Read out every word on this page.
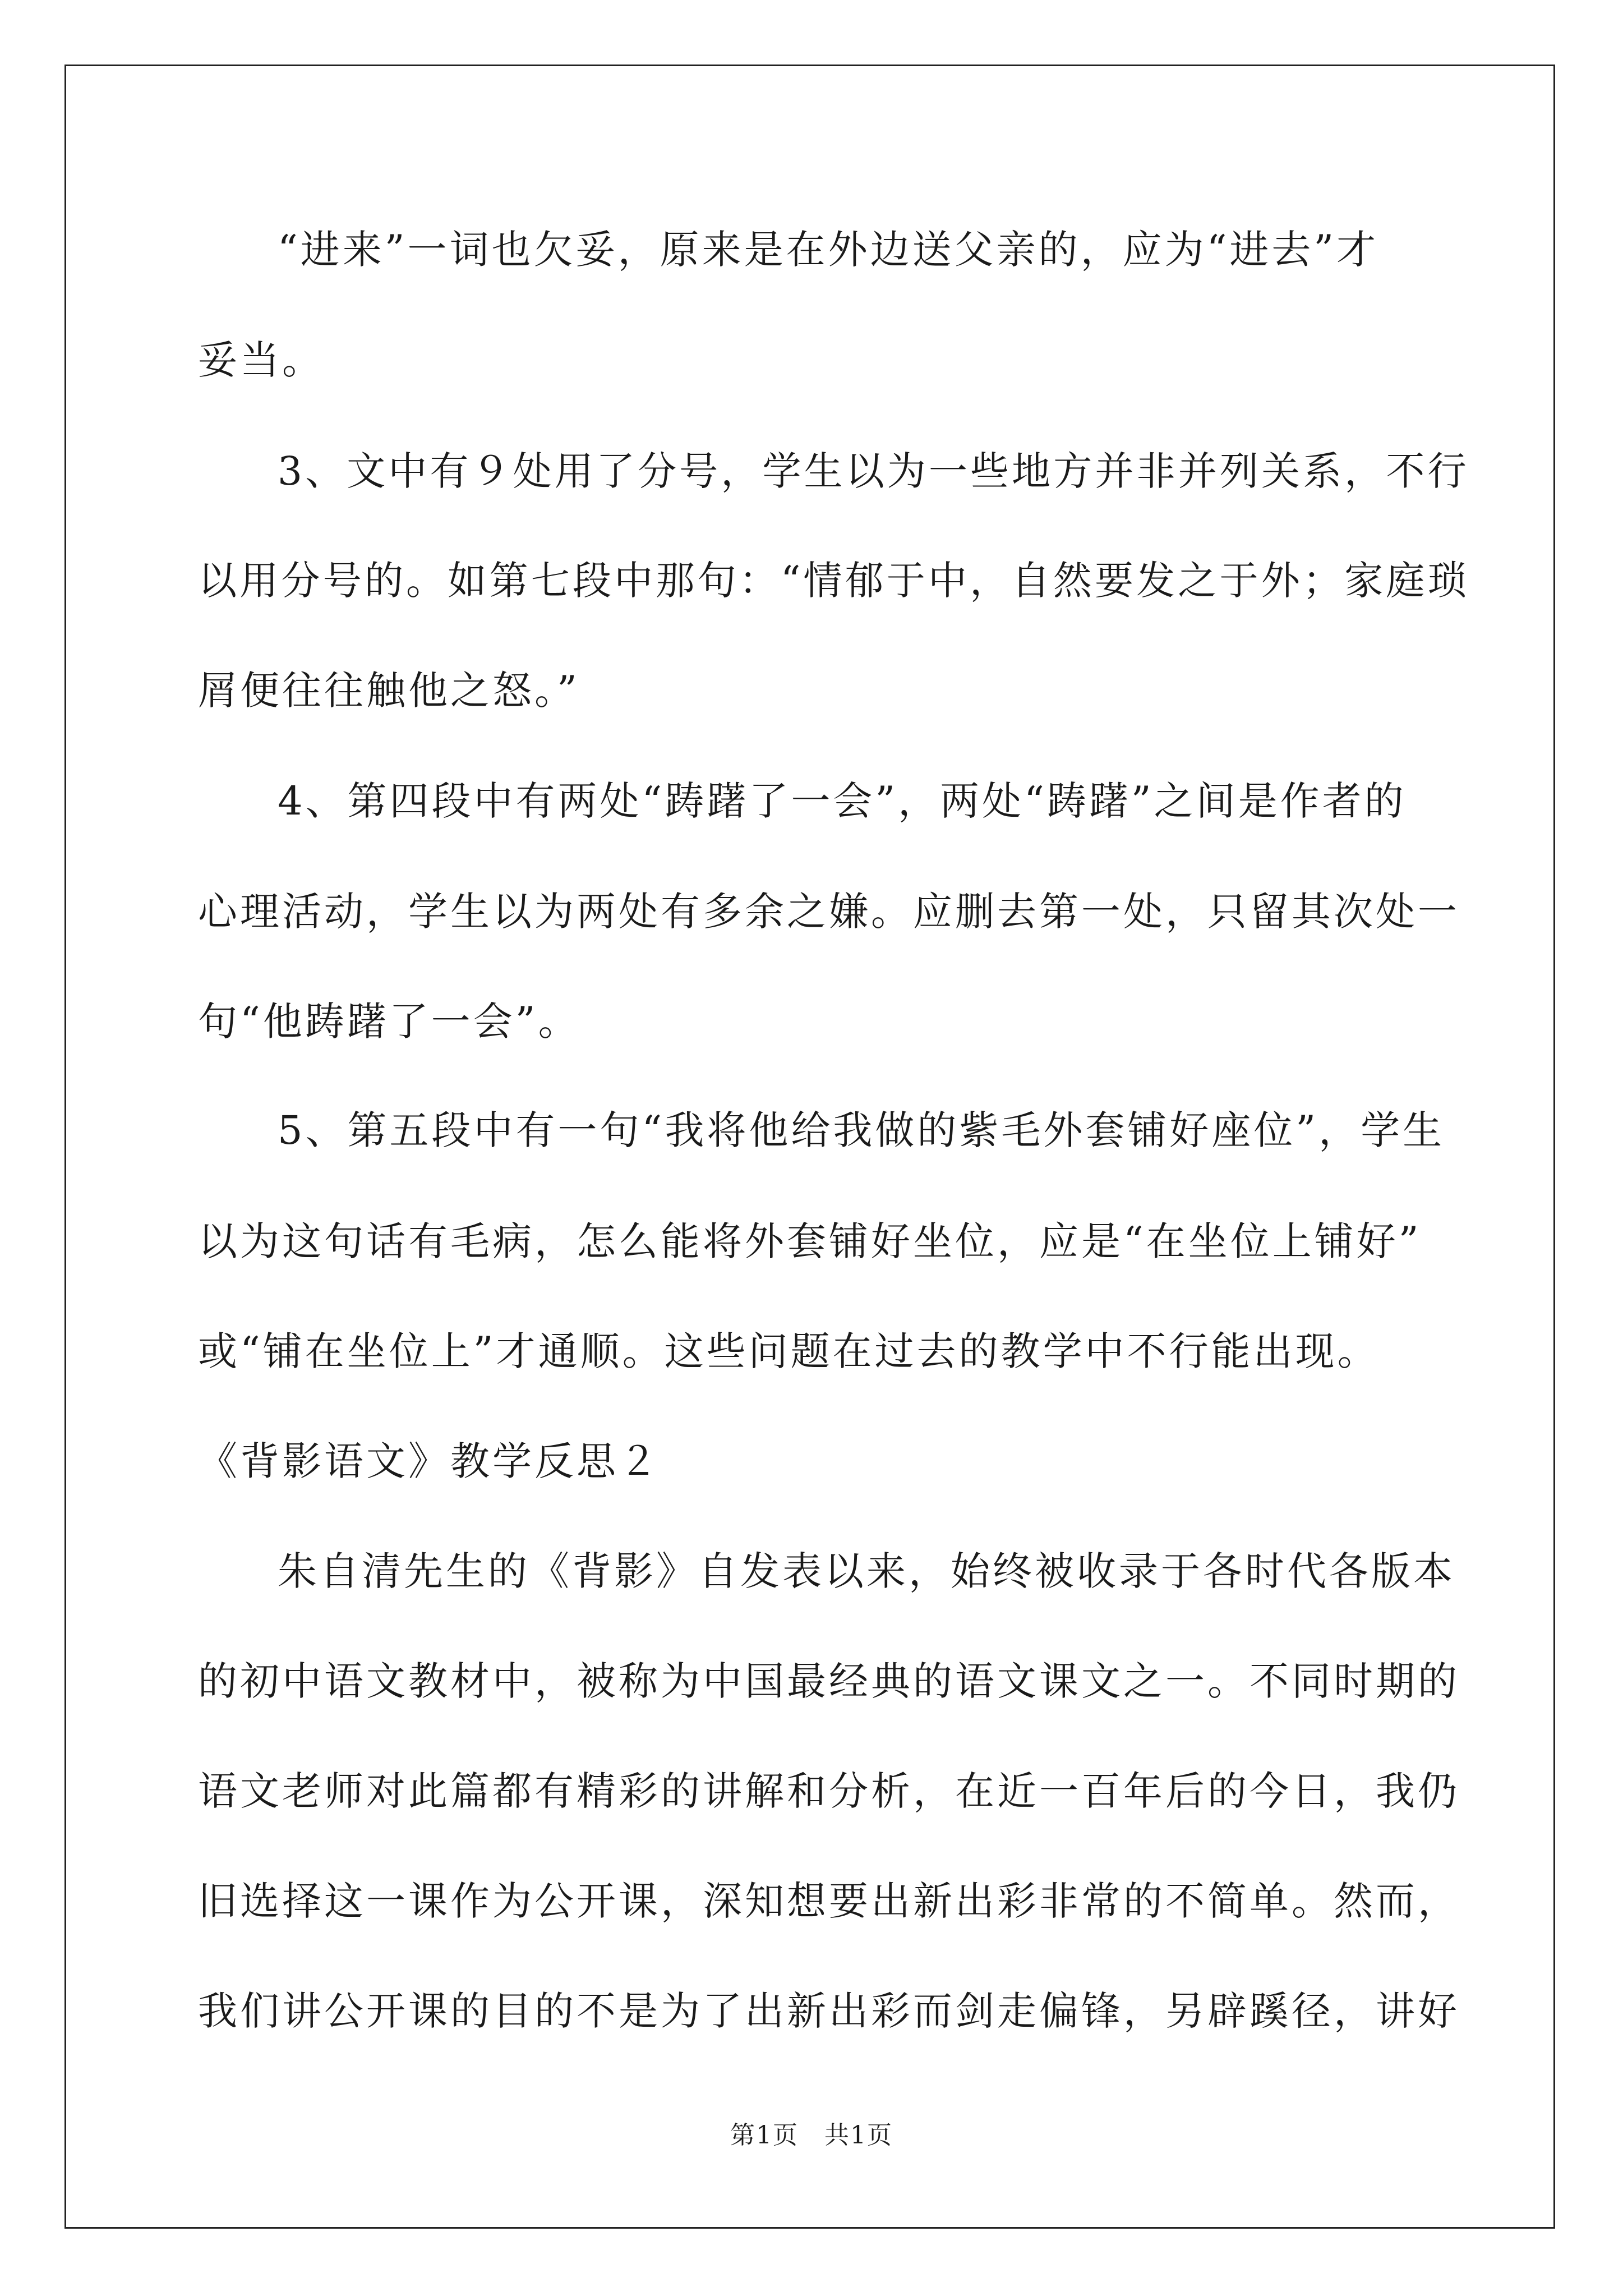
“进来”一词也欠妥，原来是在外边送父亲的，应为“进去”才
妥当。
3、文中有９处用了分号，学生以为一些地方并非并列关系，不行
以用分号的。如第七段中那句：“情郁于中，自然要发之于外；家庭琐
屑便往往触他之怒。”
4、第四段中有两处“踌躇了一会”，两处“踌躇”之间是作者的
心理活动，学生以为两处有多余之嫌。应删去第一处，只留其次处一
句“他踌躇了一会”。
5、第五段中有一句“我将他给我做的紫毛外套铺好座位”，学生
以为这句话有毛病，怎么能将外套铺好坐位，应是“在坐位上铺好”
或“铺在坐位上”才通顺。这些问题在过去的教学中不行能出现。
《背影语文》教学反思２
朱自清先生的《背影》自发表以来，始终被收录于各时代各版本
的初中语文教材中，被称为中国最经典的语文课文之一。不同时期的
语文老师对此篇都有精彩的讲解和分析，在近一百年后的今日，我仍
旧选择这一课作为公开课，深知想要出新出彩非常的不简单。然而，
我们讲公开课的目的不是为了出新出彩而剑走偏锋，另辟蹊径，讲好
第1页 共1页
